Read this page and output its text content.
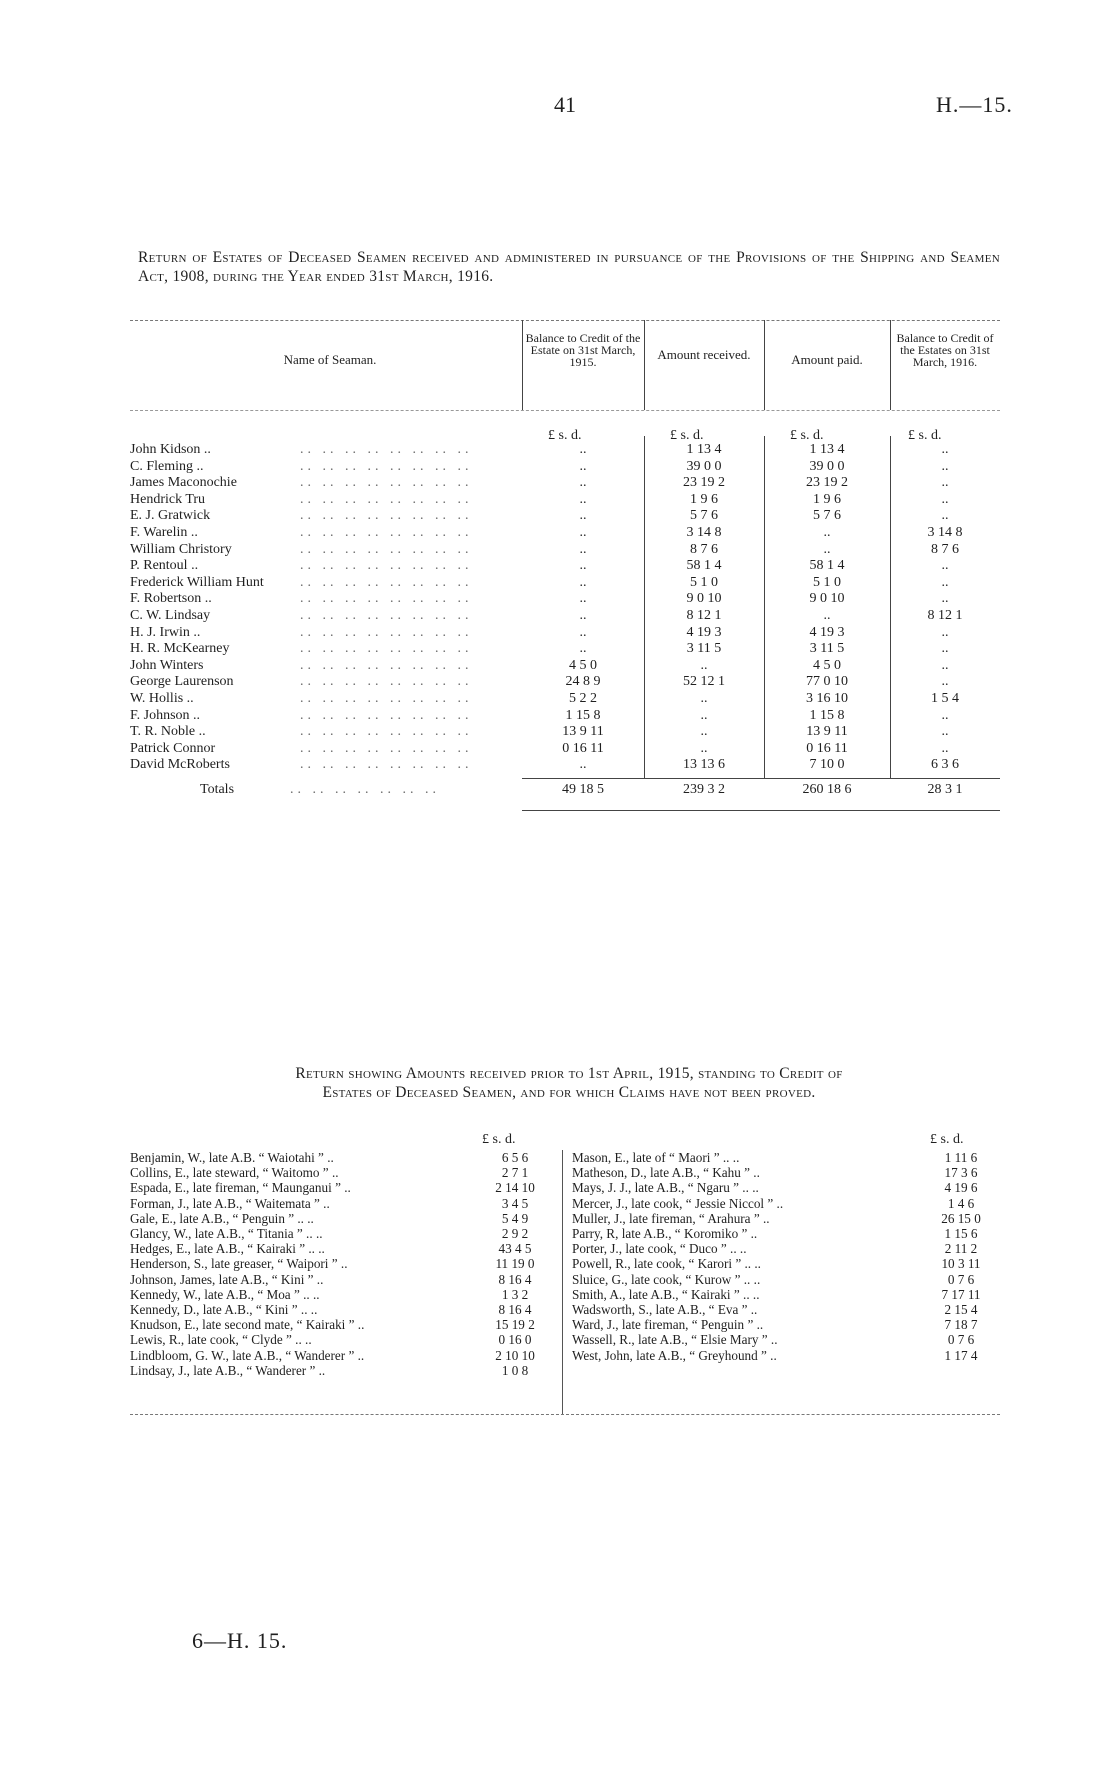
41	H.—15.
Return of Estates of Deceased Seamen received and administered in pursuance of the Provisions of the Shipping and Seamen Act, 1908, during the Year ended 31st March, 1916.
Name of Seaman.
Balance to Credit of the Estate on 31st March, 1915.	Amount received.	Amount paid.
Balance to Credit of the Estates on 31st March, 1916.
£ s. d.	£ s. d.	£ s. d.	£ s. d.
.. .. .. .. .. .. .. ..
John Kidson ..	..	1 13 4	1 13 4	..
.. .. .. .. .. .. .. ..
C. Fleming ..	..	39 0 0	39 0 0	..
.. .. .. .. .. .. .. ..
James Maconochie	..	23 19 2	23 19 2	..
.. .. .. .. .. .. .. ..
Hendrick Tru	..	1 9 6	1 9 6	..
.. .. .. .. .. .. .. ..
E. J. Gratwick	..	5 7 6	5 7 6	..
.. .. .. .. .. .. .. ..
F. Warelin ..	..	3 14 8	..	3 14 8
.. .. .. .. .. .. .. ..
William Christory	..	8 7 6	..	8 7 6
.. .. .. .. .. .. .. ..
P. Rentoul ..	..	58 1 4	58 1 4	..
.. .. .. .. .. .. .. ..
Frederick William Hunt	..	5 1 0	5 1 0	..
.. .. .. .. .. .. .. ..
F. Robertson ..	..	9 0 10	9 0 10	..
.. .. .. .. .. .. .. ..
C. W. Lindsay	..	8 12 1	..	8 12 1
.. .. .. .. .. .. .. ..
H. J. Irwin ..	..	4 19 3	4 19 3	..
.. .. .. .. .. .. .. ..
H. R. McKearney	..	3 11 5	3 11 5	..
.. .. .. .. .. .. .. ..
John Winters	4 5 0	..	4 5 0	..
.. .. .. .. .. .. .. ..
George Laurenson	24 8 9	52 12 1	77 0 10	..
.. .. .. .. .. .. .. ..
W. Hollis ..	5 2 2	..	3 16 10	1 5 4
.. .. .. .. .. .. .. ..
F. Johnson ..	1 15 8	..	1 15 8	..
.. .. .. .. .. .. .. ..
T. R. Noble ..	13 9 11	..	13 9 11	..
.. .. .. .. .. .. .. ..
Patrick Connor	0 16 11	..	0 16 11	..
.. .. .. .. .. .. .. ..
David McRoberts	..	13 13 6	7 10 0	6 3 6
Totals	.. .. .. .. .. .. ..	49 18 5	239 3 2	260 18 6	28 3 1
Return showing Amounts received prior to 1st April, 1915, standing to Credit of
Estates of Deceased Seamen, and for which Claims have not been proved.
£ s. d.	£ s. d.
Benjamin, W., late A.B. “ Waiotahi ” ..	6 5 6
Collins, E., late steward, “ Waitomo ” ..	2 7 1
Espada, E., late fireman, “ Maunganui ” ..	2 14 10
Forman, J., late A.B., “ Waitemata ” ..	3 4 5
Gale, E., late A.B., “ Penguin ” .. ..	5 4 9
Glancy, W., late A.B., “ Titania ” .. ..	2 9 2
Hedges, E., late A.B., “ Kairaki ” .. ..	43 4 5
Henderson, S., late greaser, “ Waipori ” ..	11 19 0
Johnson, James, late A.B., “ Kini ” ..	8 16 4
Kennedy, W., late A.B., “ Moa ” .. ..	1 3 2
Kennedy, D., late A.B., “ Kini ” .. ..	8 16 4
Knudson, E., late second mate, “ Kairaki ” ..	15 19 2
Lewis, R., late cook, “ Clyde ” .. ..	0 16 0
Lindbloom, G. W., late A.B., “ Wanderer ” ..	2 10 10
Lindsay, J., late A.B., “ Wanderer ” ..	1 0 8
Mason, E., late of “ Maori ” .. ..	1 11 6
Matheson, D., late A.B., “ Kahu ” ..	17 3 6
Mays, J. J., late A.B., “ Ngaru ” .. ..	4 19 6
Mercer, J., late cook, “ Jessie Niccol ” ..	1 4 6
Muller, J., late fireman, “ Arahura ” ..	26 15 0
Parry, R, late A.B., “ Koromiko ” ..	1 15 6
Porter, J., late cook, “ Duco ” .. ..	2 11 2
Powell, R., late cook, “ Karori ” .. ..	10 3 11
Sluice, G., late cook, “ Kurow ” .. ..	0 7 6
Smith, A., late A.B., “ Kairaki ” .. ..	7 17 11
Wadsworth, S., late A.B., “ Eva ” ..	2 15 4
Ward, J., late fireman, “ Penguin ” ..	7 18 7
Wassell, R., late A.B., “ Elsie Mary ” ..	0 7 6
West, John, late A.B., “ Greyhound ” ..	1 17 4
6—H. 15.
